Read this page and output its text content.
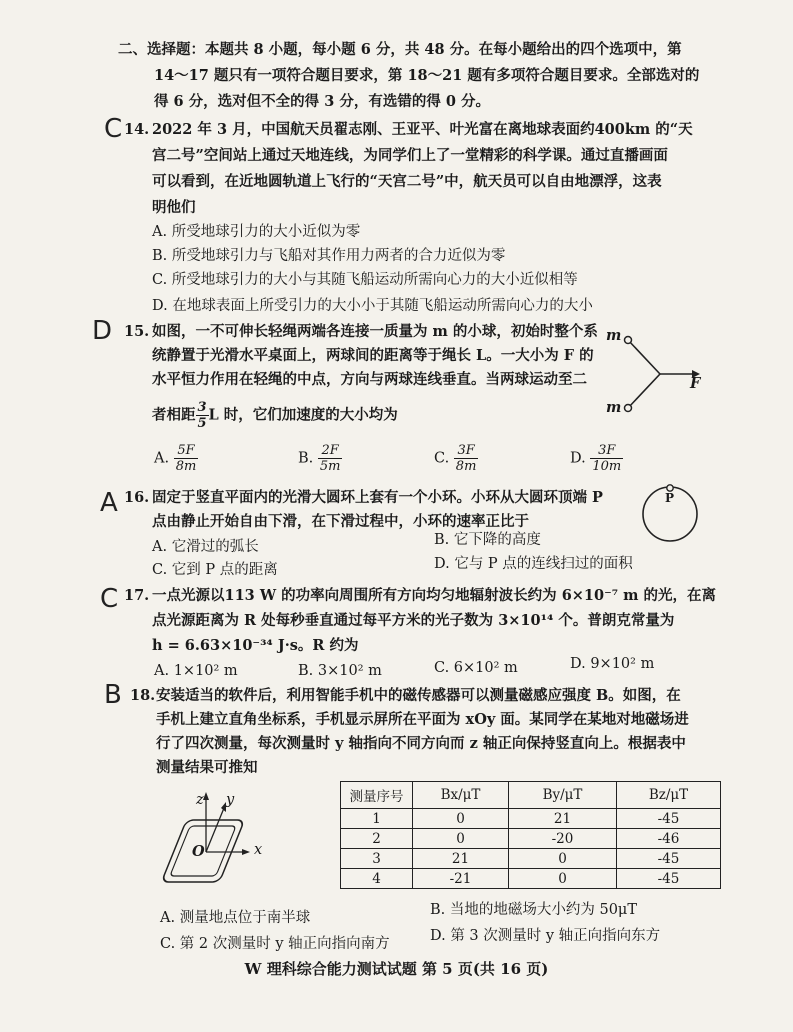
二、选择题：本题共 8 小题，每小题 6 分，共 48 分。在每小题给出的四个选项中，第
14～17 题只有一项符合题目要求，第 18～21 题有多项符合题目要求。全部选对的
得 6 分，选对但不全的得 3 分，有选错的得 0 分。
C 14. 2022 年 3 月，中国航天员翟志刚、王亚平、叶光富在离地球表面约400km 的“天
宫二号”空间站上通过天地连线，为同学们上了一堂精彩的科学课。通过直播画面
可以看到，在近地圆轨道上飞行的“天宫二号”中，航天员可以自由地漂浮，这表
明他们
A. 所受地球引力的大小近似为零
B. 所受地球引力与飞船对其作用力两者的合力近似为零
C. 所受地球引力的大小与其随飞船运动所需向心力的大小近似相等
D. 在地球表面上所受引力的大小小于其随飞船运动所需向心力的大小
D 15. 如图，一不可伸长轻绳两端各连接一质量为 m 的小球，初始时整个系
统静置于光滑水平桌面上，两球间的距离等于绳长 L。一大小为 F 的
水平恒力作用在轻绳的中点，方向与两球连线垂直。当两球运动至二
者相距 $\frac{3}{5}$ L 时，它们加速度的大小均为
m
m
F
A. $\frac{5F}{8m}$	B. $\frac{2F}{5m}$	C. $\frac{3F}{8m}$	D. $\frac{3F}{10m}$
A 16. 固定于竖直平面内的光滑大圆环上套有一个小环。小环从大圆环顶端 P
点由静止开始自由下滑，在下滑过程中，小环的速率正比于
A. 它滑过的弧长	B. 它下降的高度
C. 它到 P 点的距离	D. 它与 P 点的连线扫过的面积
P
C 17. 一点光源以113 W 的功率向周围所有方向均匀地辐射波长约为 6×10⁻⁷ m 的光，在离
点光源距离为 R 处每秒垂直通过每平方米的光子数为 3×10¹⁴ 个。普朗克常量为
h = 6.63×10⁻³⁴ J·s。R 约为
A. 1×10² m	B. 3×10² m	C. 6×10² m	D. 9×10² m
B 18. 安装适当的软件后，利用智能手机中的磁传感器可以测量磁感应强度 B。如图，在
手机上建立直角坐标系，手机显示屏所在平面为 xOy 面。某同学在某地对地磁场进
行了四次测量，每次测量时 y 轴指向不同方向而 z 轴正向保持竖直向上。根据表中
测量结果可推知
z y
x
O
测量序号	Bx/μT	By/μT	Bz/μT
1	0	21	-45
2	0	-20	-46
3	21	0	-45
4	-21	0	-45
A. 测量地点位于南半球	B. 当地的地磁场大小约为 50μT
C. 第 2 次测量时 y 轴正向指向南方	D. 第 3 次测量时 y 轴正向指向东方
W 理科综合能力测试试题 第 5 页(共 16 页)
